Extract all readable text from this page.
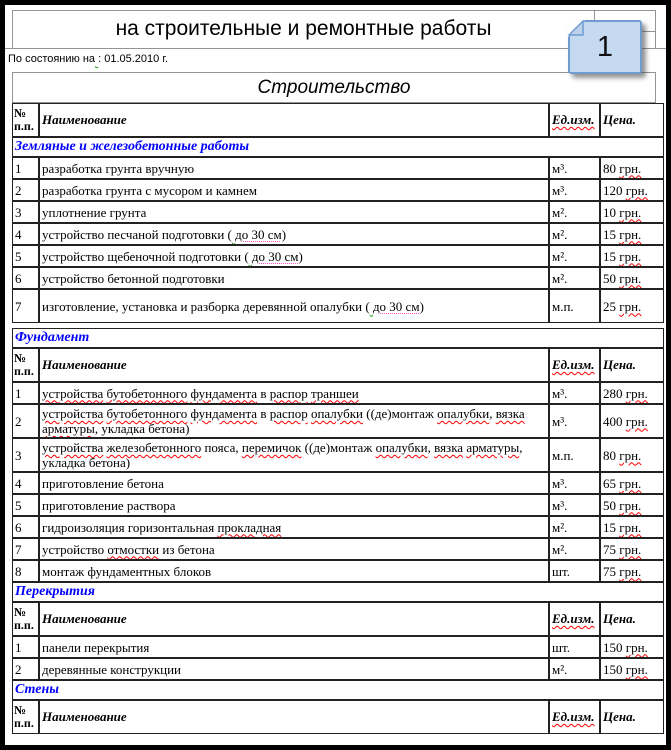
на строительные и ремонтные работы
По состоянию на : 01.05.2010 г.	1
Строительство
№ п.п.	Наименование	Ед.изм.	Цена.
Земляные и железобетонные работы			
1	разработка грунта вручную	м³.	80 грн.
2	разработка грунта с мусором и камнем	м³.	120 грн.
3	уплотнение грунта	м².	10 грн.
4	устройство песчаной подготовки ( до 30 см)	м².	15 грн.
5	устройство щебеночной подготовки ( до 30 см)	м².	15 грн.
6	устройство бетонной подготовки	м².	50 грн.
7	изготовление, установка и разборка деревянной опалубки ( до 30 см)	м.п.	25 грн.

Фундамент			
№ п.п.	Наименование	Ед.изм.	Цена.
1	устройства бутобетонного фундамента в распор траншеи	м³.	280 грн.
2	устройства бутобетонного фундамента в распор опалубки ((де)монтаж опалубки, вязка арматуры, укладка бетона)	м³.	400 грн.
3	устройства железобетонного пояса, перемичок ((де)монтаж опалубки, вязка арматуры, укладка бетона)	м.п.	80 грн.
4	приготовление бетона	м³.	65 грн.
5	приготовление раствора	м³.	50 грн.
6	гидроизоляция горизонтальная прокладная	м².	15 грн.
7	устройство отмостки из бетона	м².	75 грн.
8	монтаж фундаментных блоков	шт.	75 грн.
Перекрытия			
№ п.п.	Наименование	Ед.изм.	Цена.
1	панели перекрытия	шт.	150 грн.
2	деревянные конструкции	м².	150 грн.
Стены			
№ п.п.	Наименование	Ед.изм.	Цена.
